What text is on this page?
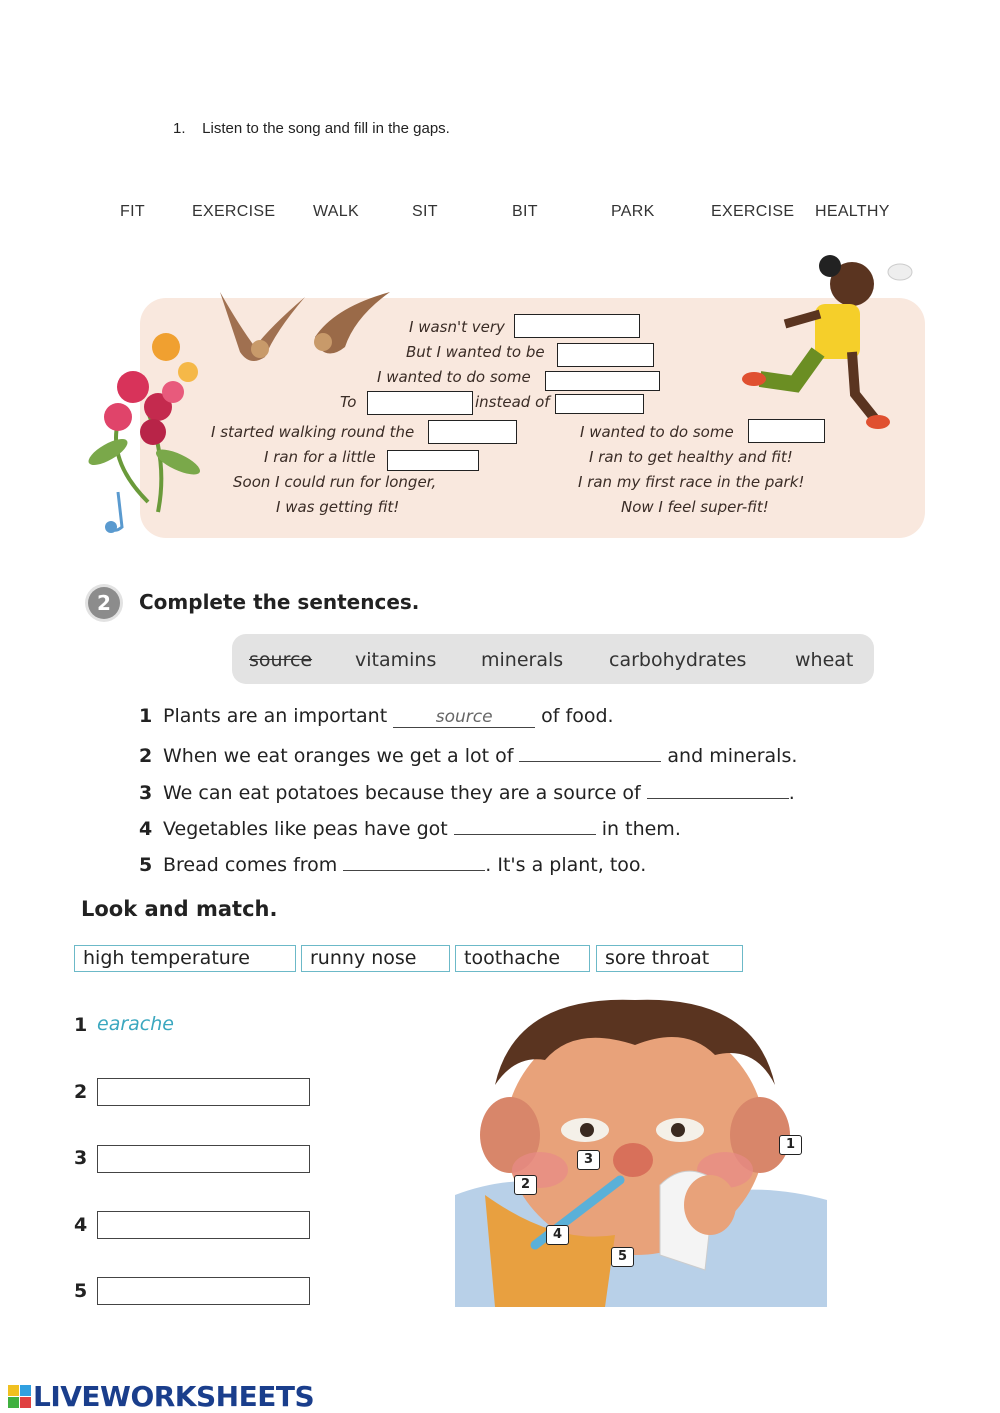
1.    Listen to the song and fill in the gaps.
FIT	EXERCISE WALK	SIT	BIT	PARK	EXERCISE HEALTHY
I wasn't very
But I wanted to be
I wanted to do some
To	instead of
I started walking round the
I ran for a little
Soon I could run for longer,
I was getting fit!
I wanted to do some
I ran to get healthy and fit!
I ran my first race in the park!
Now I feel super-fit!
2	Complete the sentences.
source vitamins minerals carbohydrates	wheat
1 Plants are an important	source	of food.
2 When we eat oranges we get a lot of	and minerals.
3 We can eat potatoes because they are a source of	.
4 Vegetables like peas have got	in them.
5 Bread comes from	. It's a plant, too.
Look and match.
high temperature	runny nose	toothache	sore throat
1 earache
2
3
4
5
1
2
3
4
5
LIVEWORKSHEETS
